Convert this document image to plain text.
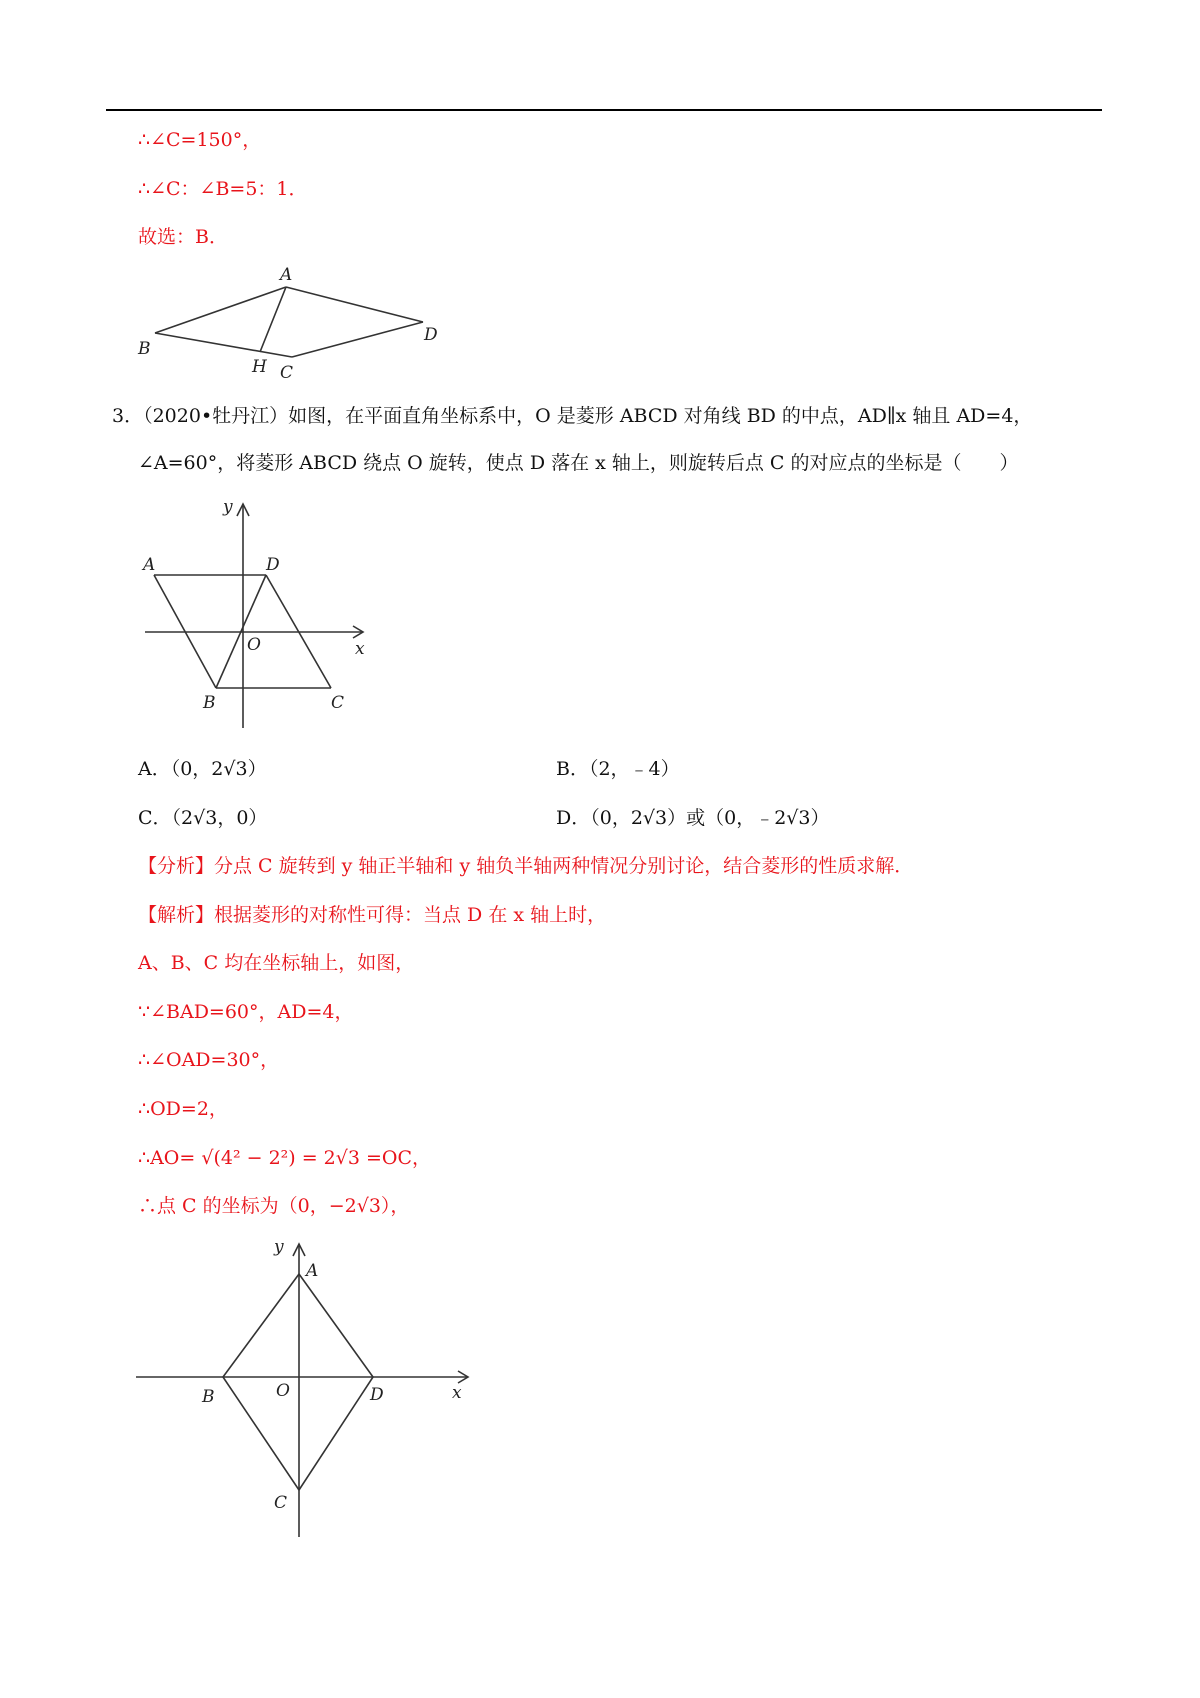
∴∠C=150°，
∴∠C：∠B=5：1．
故选：B．
A
B
H C
D
3．（2020•牡丹江）如图，在平面直角坐标系中，O 是菱形 ABCD 对角线 BD 的中点，AD∥x 轴且 AD=4，
∠A=60°，将菱形 ABCD 绕点 O 旋转，使点 D 落在 x 轴上，则旋转后点 C 的对应点的坐标是（　　）
y
x
O
A	D
B	C
A．（0，2√3）	B．（2，﹣4）
C．（2√3，0）	D．（0，2√3）或（0，﹣2√3）
【分析】分点 C 旋转到 y 轴正半轴和 y 轴负半轴两种情况分别讨论，结合菱形的性质求解．
【解析】根据菱形的对称性可得：当点 D 在 x 轴上时，
A、B、C 均在坐标轴上，如图，
∵∠BAD=60°，AD=4，
∴∠OAD=30°，
∴OD=2，
∴AO= √(4² − 2²) = 2√3 =OC，
∴点 C 的坐标为（0，−2√3），
y
x
A
O
B	D
C
